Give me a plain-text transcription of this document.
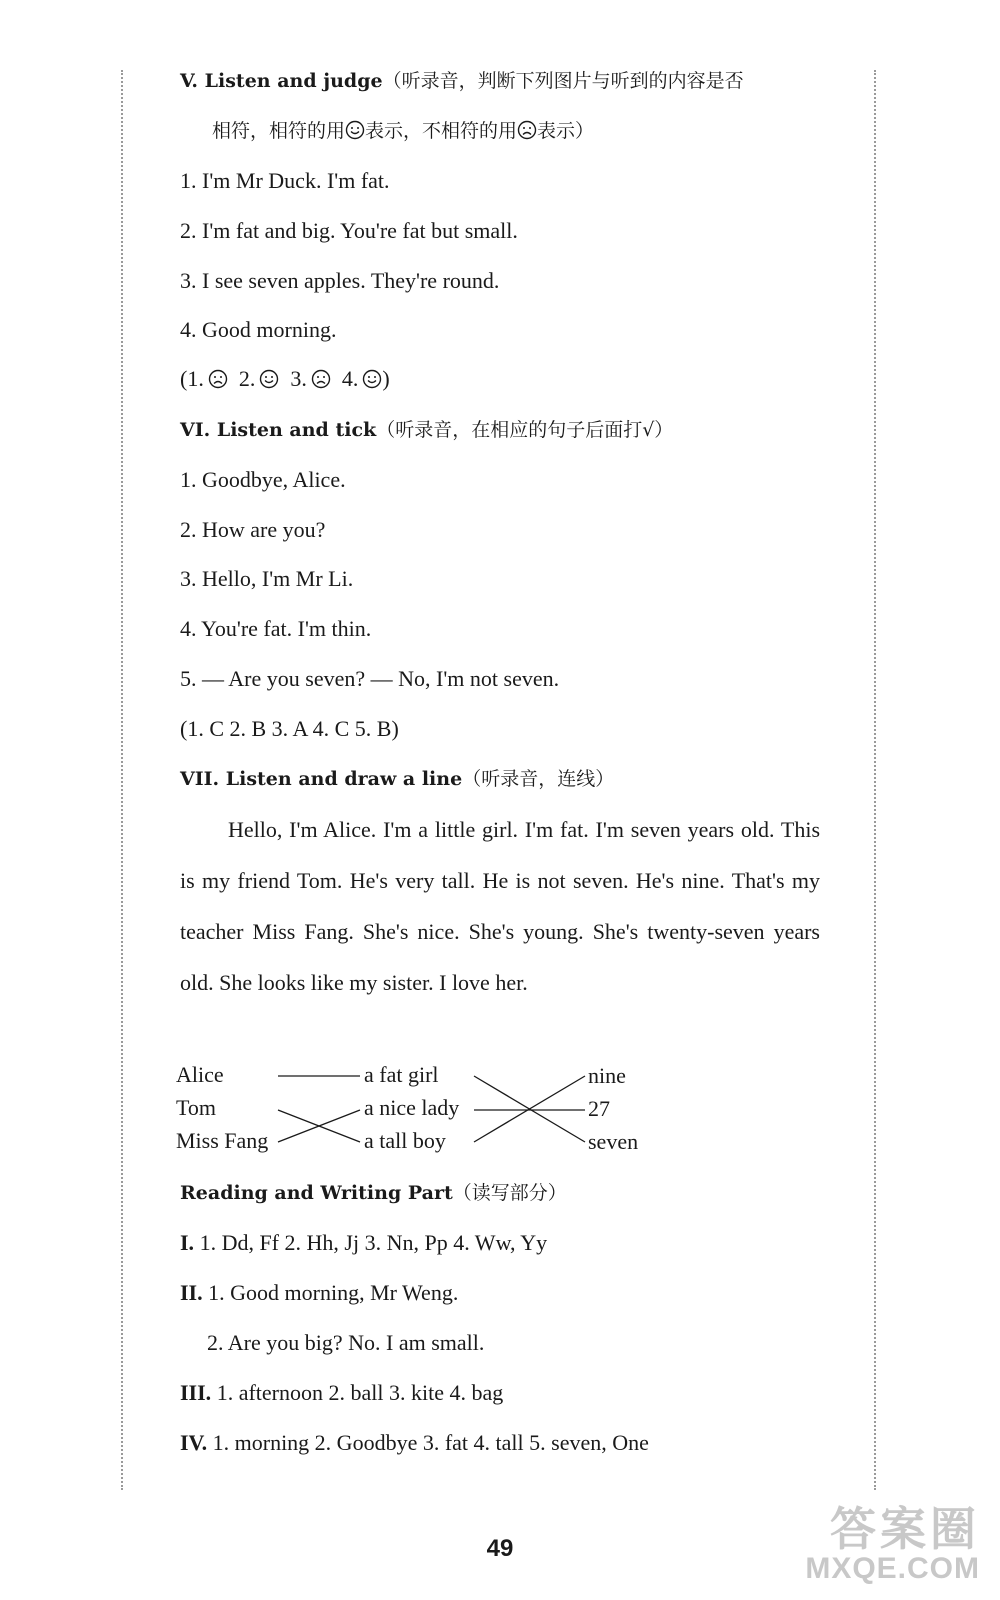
V. Listen and judge（听录音，判断下列图片与听到的内容是否
相符，相符的用 表示，不相符的用 表示）
1. I'm Mr Duck. I'm fat.
2. I'm fat and big. You're fat but small.
3. I see seven apples. They're round.
4. Good morning.
(1. 2. 3. 4. )
VI. Listen and tick（听录音，在相应的句子后面打√）
1. Goodbye, Alice.
2. How are you?
3. Hello, I'm Mr Li.
4. You're fat. I'm thin.
5. — Are you seven? — No, I'm not seven.
(1. C 2. B 3. A 4. C 5. B)
VII. Listen and draw a line（听录音，连线）
Hello, I'm Alice. I'm a little girl. I'm fat. I'm seven years old. This is my friend Tom. He's very tall. He is not seven. He's nine. That's my teacher Miss Fang. She's nice. She's young. She's twenty-seven years old. She looks like my sister. I love her.
Alice
Tom
Miss Fang
a fat girl
a nice lady
a tall boy
nine
27
seven
Reading and Writing Part（读写部分）
I. 1. Dd, Ff 2. Hh, Jj 3. Nn, Pp 4. Ww, Yy
II. 1. Good morning, Mr Weng.
2. Are you big? No. I am small.
III. 1. afternoon 2. ball 3. kite 4. bag
IV. 1. morning 2. Goodbye 3. fat 4. tall 5. seven, One
49	答案圈
MXQE.COM
